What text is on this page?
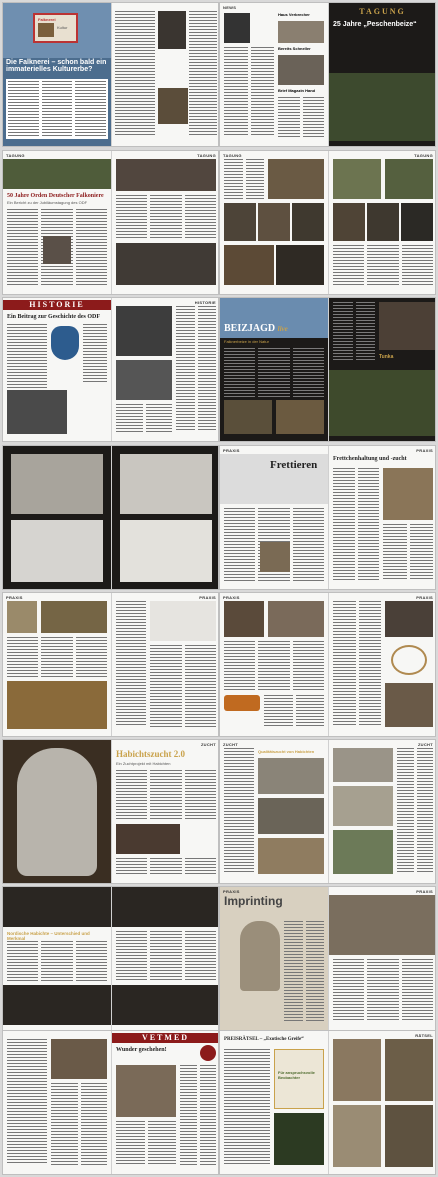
Falknerei
Kultur
Die Falknerei – schon bald ein immaterielles Kulturerbe?
NEWS
Haus Verbrecher
Bereits Schneller
Brief Magazin Hand
TAGUNG
25 Jahre „Peschenbeize“
TAGUNG
50 Jahre Orden Deutscher Falkoniere
Ein Bericht zu der Jubiläumstagung des ODF
TAGUNG TAGUNG	TAGUNG
HISTORIE
Ein Beitrag zur Geschichte des ODF
HISTORIE
BEIZJAGD live
Falknerbeize in der Natur
Tunka
PRAXIS
Frettieren
PRAXIS
Frettchenhaltung und -zucht
PRAXIS	PRAXIS PRAXIS	PRAXIS
ZUCHT
Habichtszucht 2.0
Ein Zuchtprojekt mit Habichten
ZUCHT
Qualitätszucht von Habichten
ZUCHT
Nordische Habichte – Unterschied und Merkmal
PRAXIS
Imprinting
PRAXIS
VETMED
Wunder geschehen!
PREISRÄTSEL – „Exotische Greife“
Für anspruchsvolle Beobachter
RÄTSEL
